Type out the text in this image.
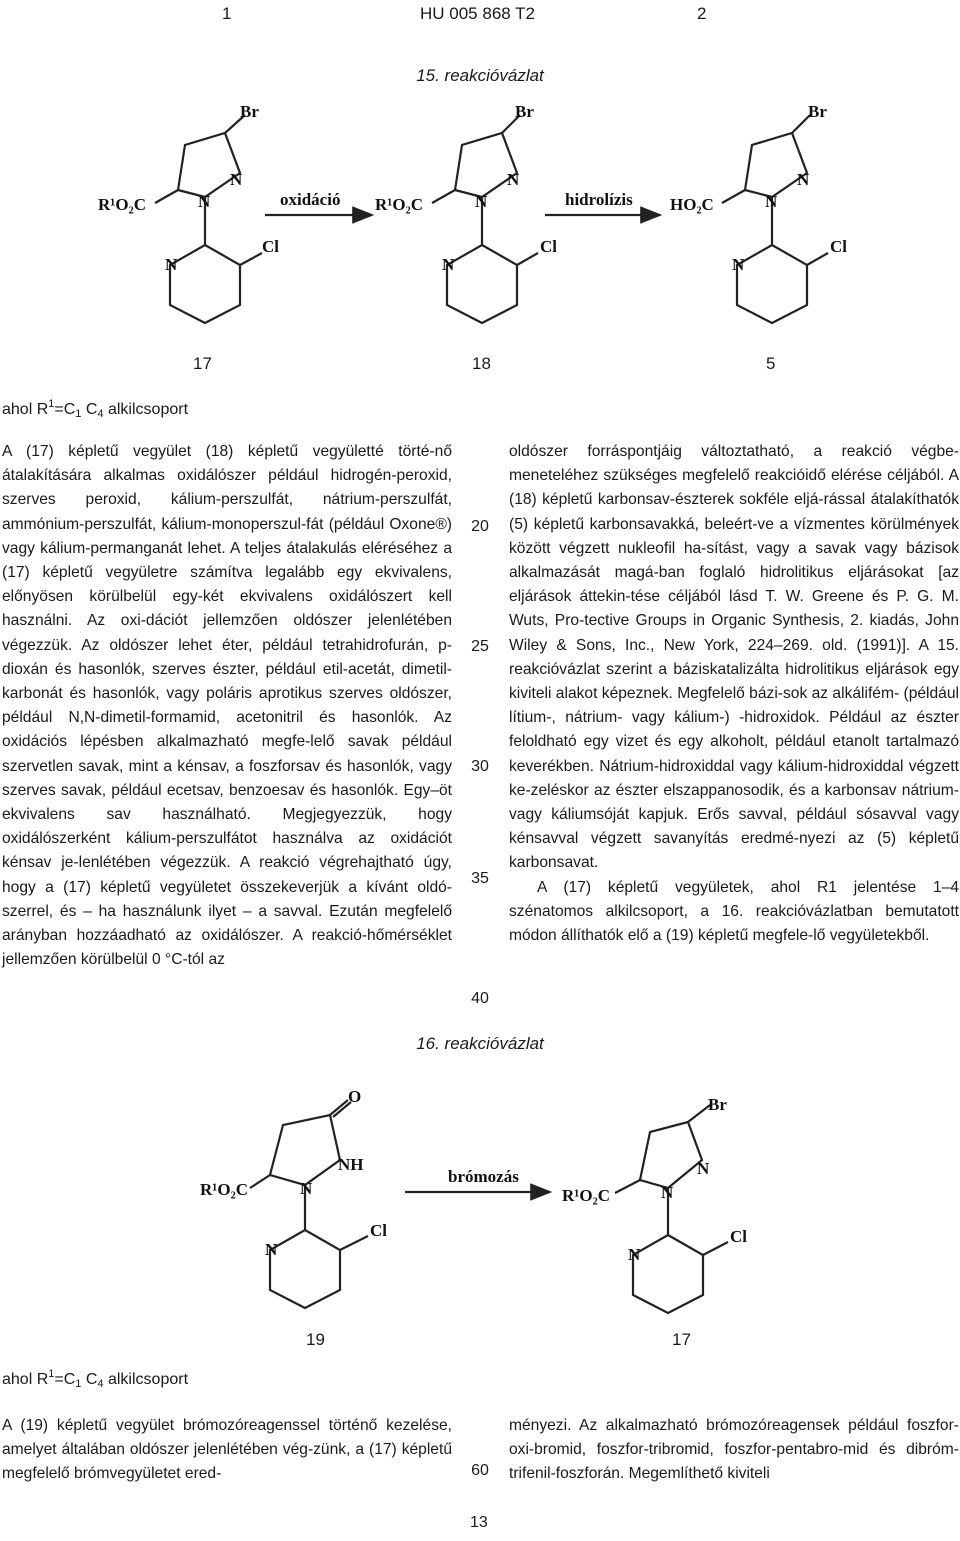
1	HU 005 868 T2	2
15. reakcióvázlat
Br
N
N
R¹O₂C
Cl
N
Br
N
N
R¹O₂C
Cl
N
Br
N
N
HO₂C
Cl
N
oxidáció	hidrolízis
17	18	5
ahol $R^1=C_1$ $C_4$ alkilcsoport

A (17) képletű vegyület (18) képletű vegyületté törté-nő átalakítására alkalmas oxidálószer például hidrogén-peroxid, szerves peroxid, kálium-perszulfát, nátrium-perszulfát, ammónium-perszulfát, kálium-monoperszul-fát (például Oxone®) vagy kálium-permanganát lehet. A teljes átalakulás eléréséhez a (17) képletű vegyületre számítva legalább egy ekvivalens, előnyösen körülbelül egy-két ekvivalens oxidálószert kell használni. Az oxi-dációt jellemzően oldószer jelenlétében végezzük. Az oldószer lehet éter, például tetrahidrofurán, p-dioxán és hasonlók, szerves észter, például etil-acetát, dimetil-karbonát és hasonlók, vagy poláris aprotikus szerves oldószer, például N,N-dimetil-formamid, acetonitril és hasonlók. Az oxidációs lépésben alkalmazható megfe-lelő savak például szervetlen savak, mint a kénsav, a foszforsav és hasonlók, vagy szerves savak, például ecetsav, benzoesav és hasonlók. Egy–öt ekvivalens sav használható. Megjegyezzük, hogy oxidálószerként kálium-perszulfátot használva az oxidációt kénsav je-lenlétében végezzük. A reakció végrehajtható úgy, hogy a (17) képletű vegyületet összekeverjük a kívánt oldó-szerrel, és – ha használunk ilyet – a savval. Ezután megfelelő arányban hozzáadható az oxidálószer. A reakció-hőmérséklet jellemzően körülbelül 0 °C-tól az

20
25
30
35
40

oldószer forráspontjáig változtatható, a reakció végbe-meneteléhez szükséges megfelelő reakcióidő elérése céljából. A (18) képletű karbonsav-észterek sokféle eljá-rással átalakíthatók (5) képletű karbonsavakká, beleért-ve a vízmentes körülmények között végzett nukleofil ha-sítást, vagy a savak vagy bázisok alkalmazását magá-ban foglaló hidrolitikus eljárásokat [az eljárások áttekin-tése céljából lásd T. W. Greene és P. G. M. Wuts, Pro-tective Groups in Organic Synthesis, 2. kiadás, John Wiley & Sons, Inc., New York, 224–269. old. (1991)]. A 15. reakcióvázlat szerint a báziskatalizálta hidrolitikus eljárások egy kiviteli alakot képeznek. Megfelelő bázi-sok az alkálifém- (például lítium-, nátrium- vagy kálium-) -hidroxidok. Például az észter feloldható egy vizet és egy alkoholt, például etanolt tartalmazó keverékben. Nátrium-hidroxiddal vagy kálium-hidroxiddal végzett ke-zeléskor az észter elszappanosodik, és a karbonsav nátrium- vagy káliumsóját kapjuk. Erős savval, például sósavval vagy kénsavval végzett savanyítás eredmé-nyezi az (5) képletű karbonsavat.

A (17) képletű vegyületek, ahol R1 jelentése 1–4 szénatomos alkilcsoport, a 16. reakcióvázlatban bemutatott módon állíthatók elő a (19) képletű megfele-lő vegyületekből.

16. reakcióvázlat
O
NH
N
R¹O₂C
Cl
N
Br
N
N
R¹O₂C
Cl
N
brómozás
19	17
ahol $R^1=C_1$ $C_4$ alkilcsoport

A (19) képletű vegyület brómozóreagenssel történő kezelése, amelyet általában oldószer jelenlétében vég-zünk, a (17) képletű megfelelő brómvegyületet ered-	60

ményezi. Az alkalmazható brómozóreagensek például foszfor-oxi-bromid, foszfor-tribromid, foszfor-pentabro-mid és dibróm-trifenil-foszforán. Megemlíthető kiviteli

13
